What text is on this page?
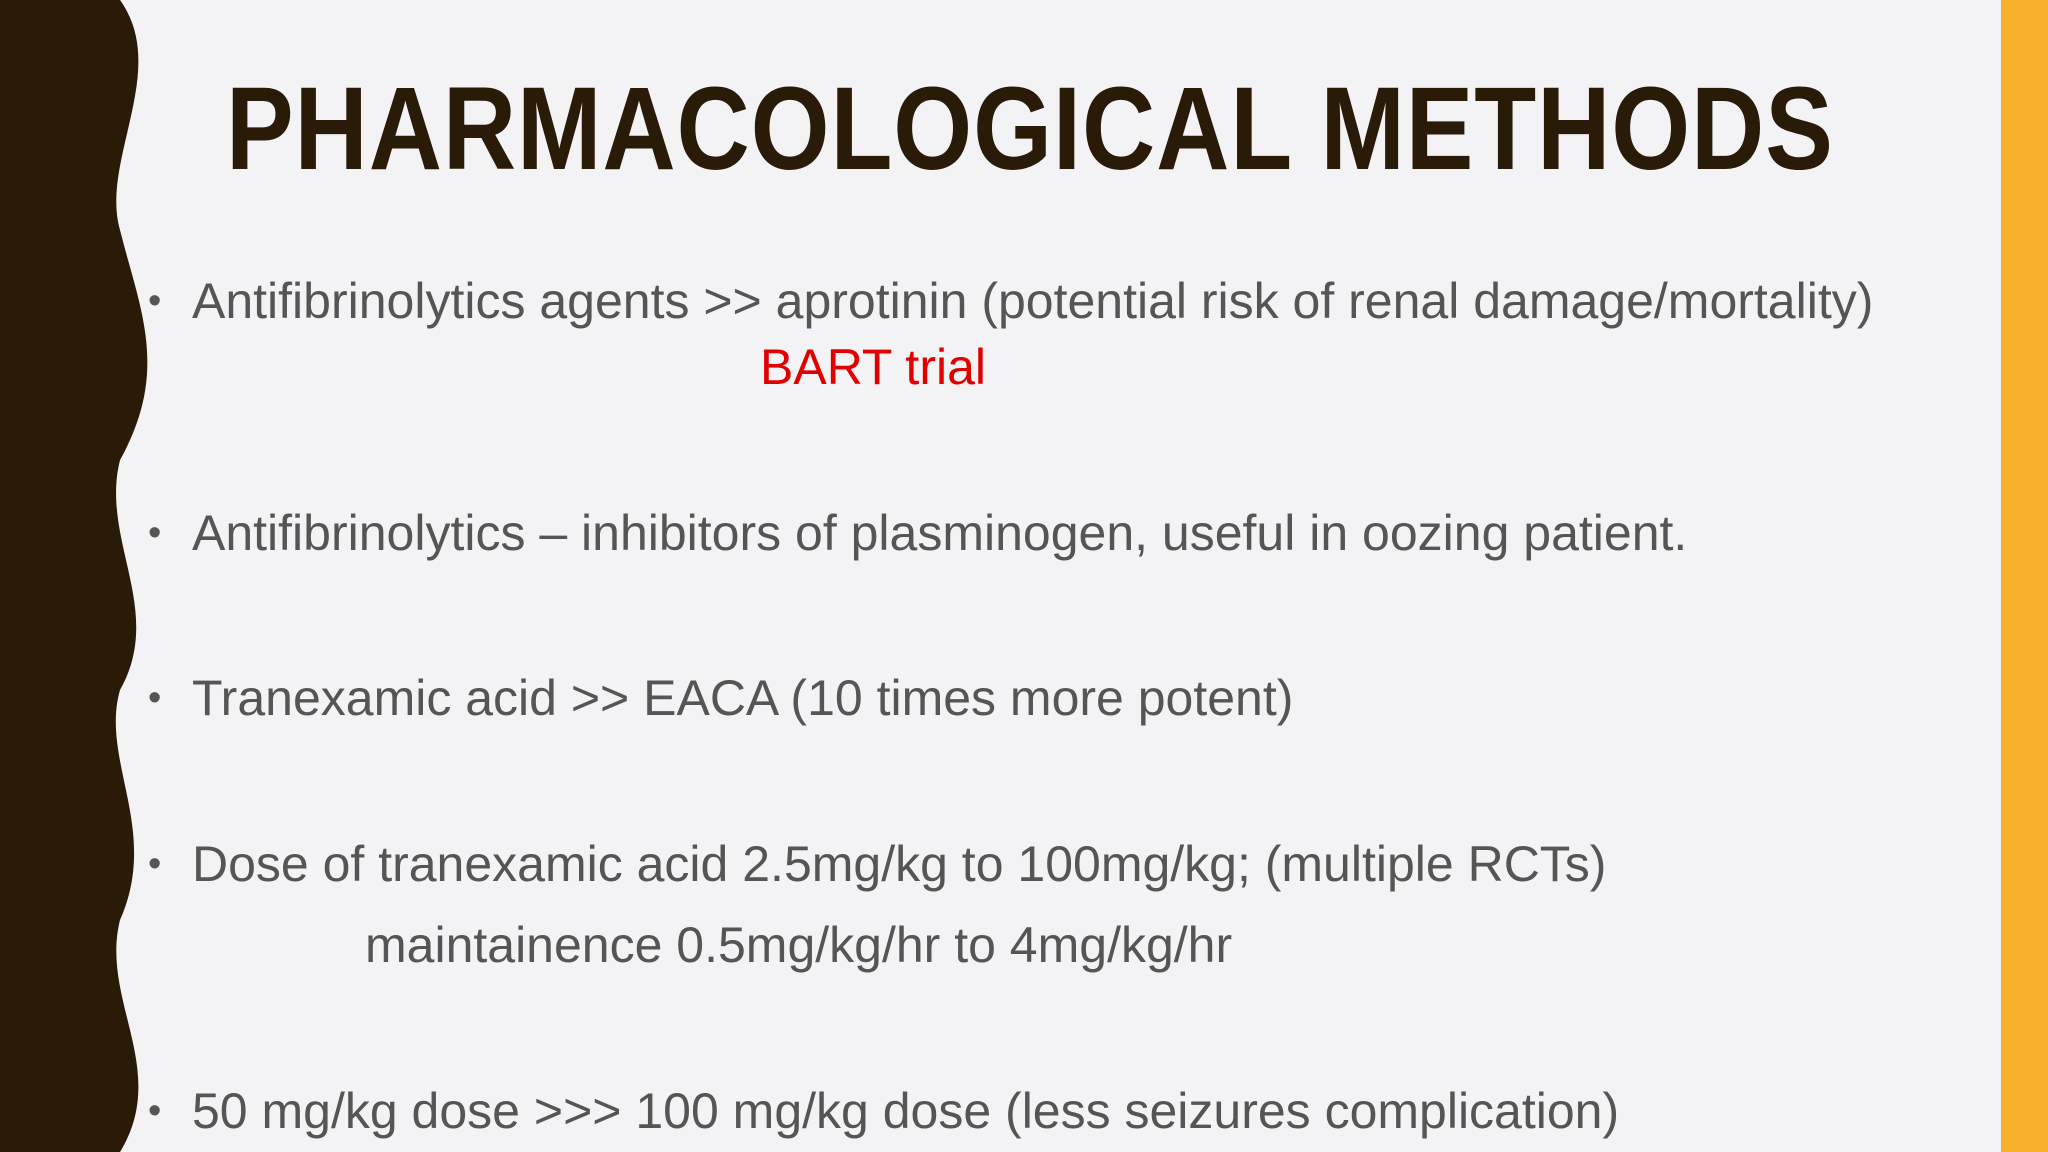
PHARMACOLOGICAL METHODS
• Antifibrinolytics agents >> aprotinin (potential risk of renal damage/mortality)
BART trial
• Antifibrinolytics – inhibitors of plasminogen, useful in oozing patient.
• Tranexamic acid >> EACA (10 times more potent)
• Dose of tranexamic acid 2.5mg/kg to 100mg/kg; (multiple RCTs)
maintainence 0.5mg/kg/hr to 4mg/kg/hr
• 50 mg/kg dose >>> 100 mg/kg dose (less seizures complication)
